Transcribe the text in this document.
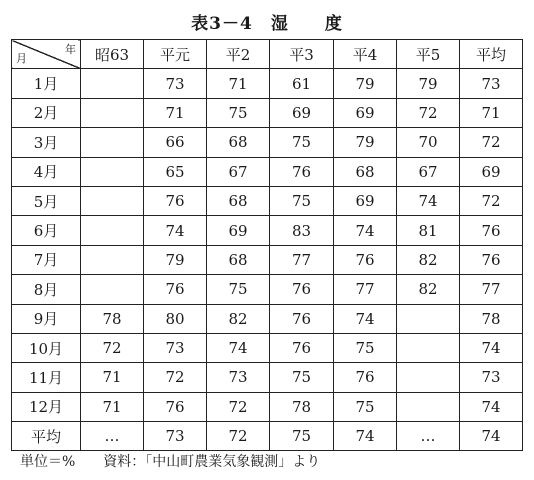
表3－4　湿　　度
年
月	昭63	平元	平2	平3	平4	平5	平均
1月		73	71	61	79	79	73
2月		71	75	69	69	72	71
3月		66	68	75	79	70	72
4月		65	67	76	68	67	69
5月		76	68	75	69	74	72
6月		74	69	83	74	81	76
7月		79	68	77	76	82	76
8月		76	75	76	77	82	77
9月	78	80	82	76	74		78
10月	72	73	74	76	75		74
11月	71	72	73	75	76		73
12月	71	76	72	78	75		74
平均	…	73	72	75	74	…	74
単位＝%　　資料：「中山町農業気象観測」より
